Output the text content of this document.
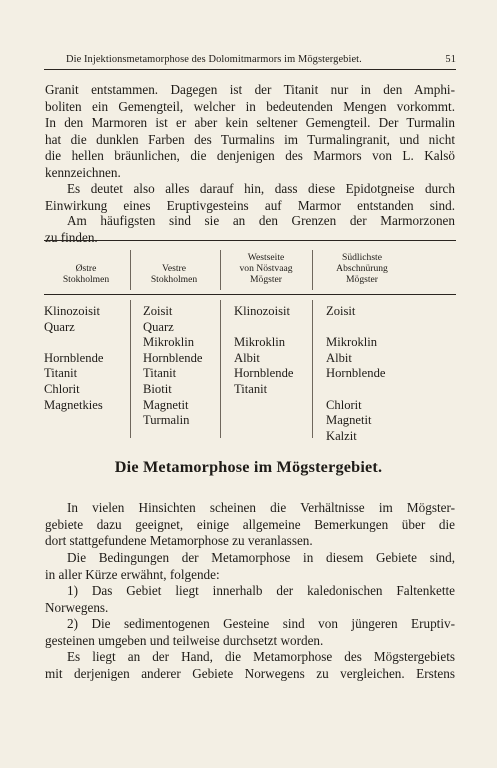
Die Injektionsmetamorphose des Dolomitmarmors im Mögstergebiet.	51
Granit entstammen. Dagegen ist der Titanit nur in den Amphi-
boliten ein Gemengteil, welcher in bedeutenden Mengen vorkommt.
In den Marmoren ist er aber kein seltener Gemengteil. Der Turmalin
hat die dunklen Farben des Turmalins im Turmalingranit, und nicht
die hellen bräunlichen, die denjenigen des Marmors von L. Kalsö
kennzeichnen.
Es deutet also alles darauf hin, dass diese Epidotgneise durch
Einwirkung eines Eruptivgesteins auf Marmor entstanden sind.
Am häufigsten sind sie an den Grenzen der Marmorzonen
zu finden.
Østre
Stokholmen
Vestre
Stokholmen
Westseite
von Nöstvaag
Mögster
Südlichste
Abschnürung
Mögster
Klinozoisit
Quarz
Hornblende
Titanit
Chlorit
Magnetkies
Zoisit
Quarz
Mikroklin
Hornblende
Titanit
Biotit
Magnetit
Turmalin
Klinozoisit
Mikroklin
Albit
Hornblende
Titanit
Zoisit
Mikroklin
Albit
Hornblende
Chlorit
Magnetit
Kalzit
Die Metamorphose im Mögstergebiet.
In vielen Hinsichten scheinen die Verhältnisse im Mögster-
gebiete dazu geeignet, einige allgemeine Bemerkungen über die
dort stattgefundene Metamorphose zu veranlassen.
Die Bedingungen der Metamorphose in diesem Gebiete sind,
in aller Kürze erwähnt, folgende:
1) Das Gebiet liegt innerhalb der kaledonischen Faltenkette
Norwegens.
2) Die sedimentogenen Gesteine sind von jüngeren Eruptiv-
gesteinen umgeben und teilweise durchsetzt worden.
Es liegt an der Hand, die Metamorphose des Mögstergebiets
mit derjenigen anderer Gebiete Norwegens zu vergleichen. Erstens
